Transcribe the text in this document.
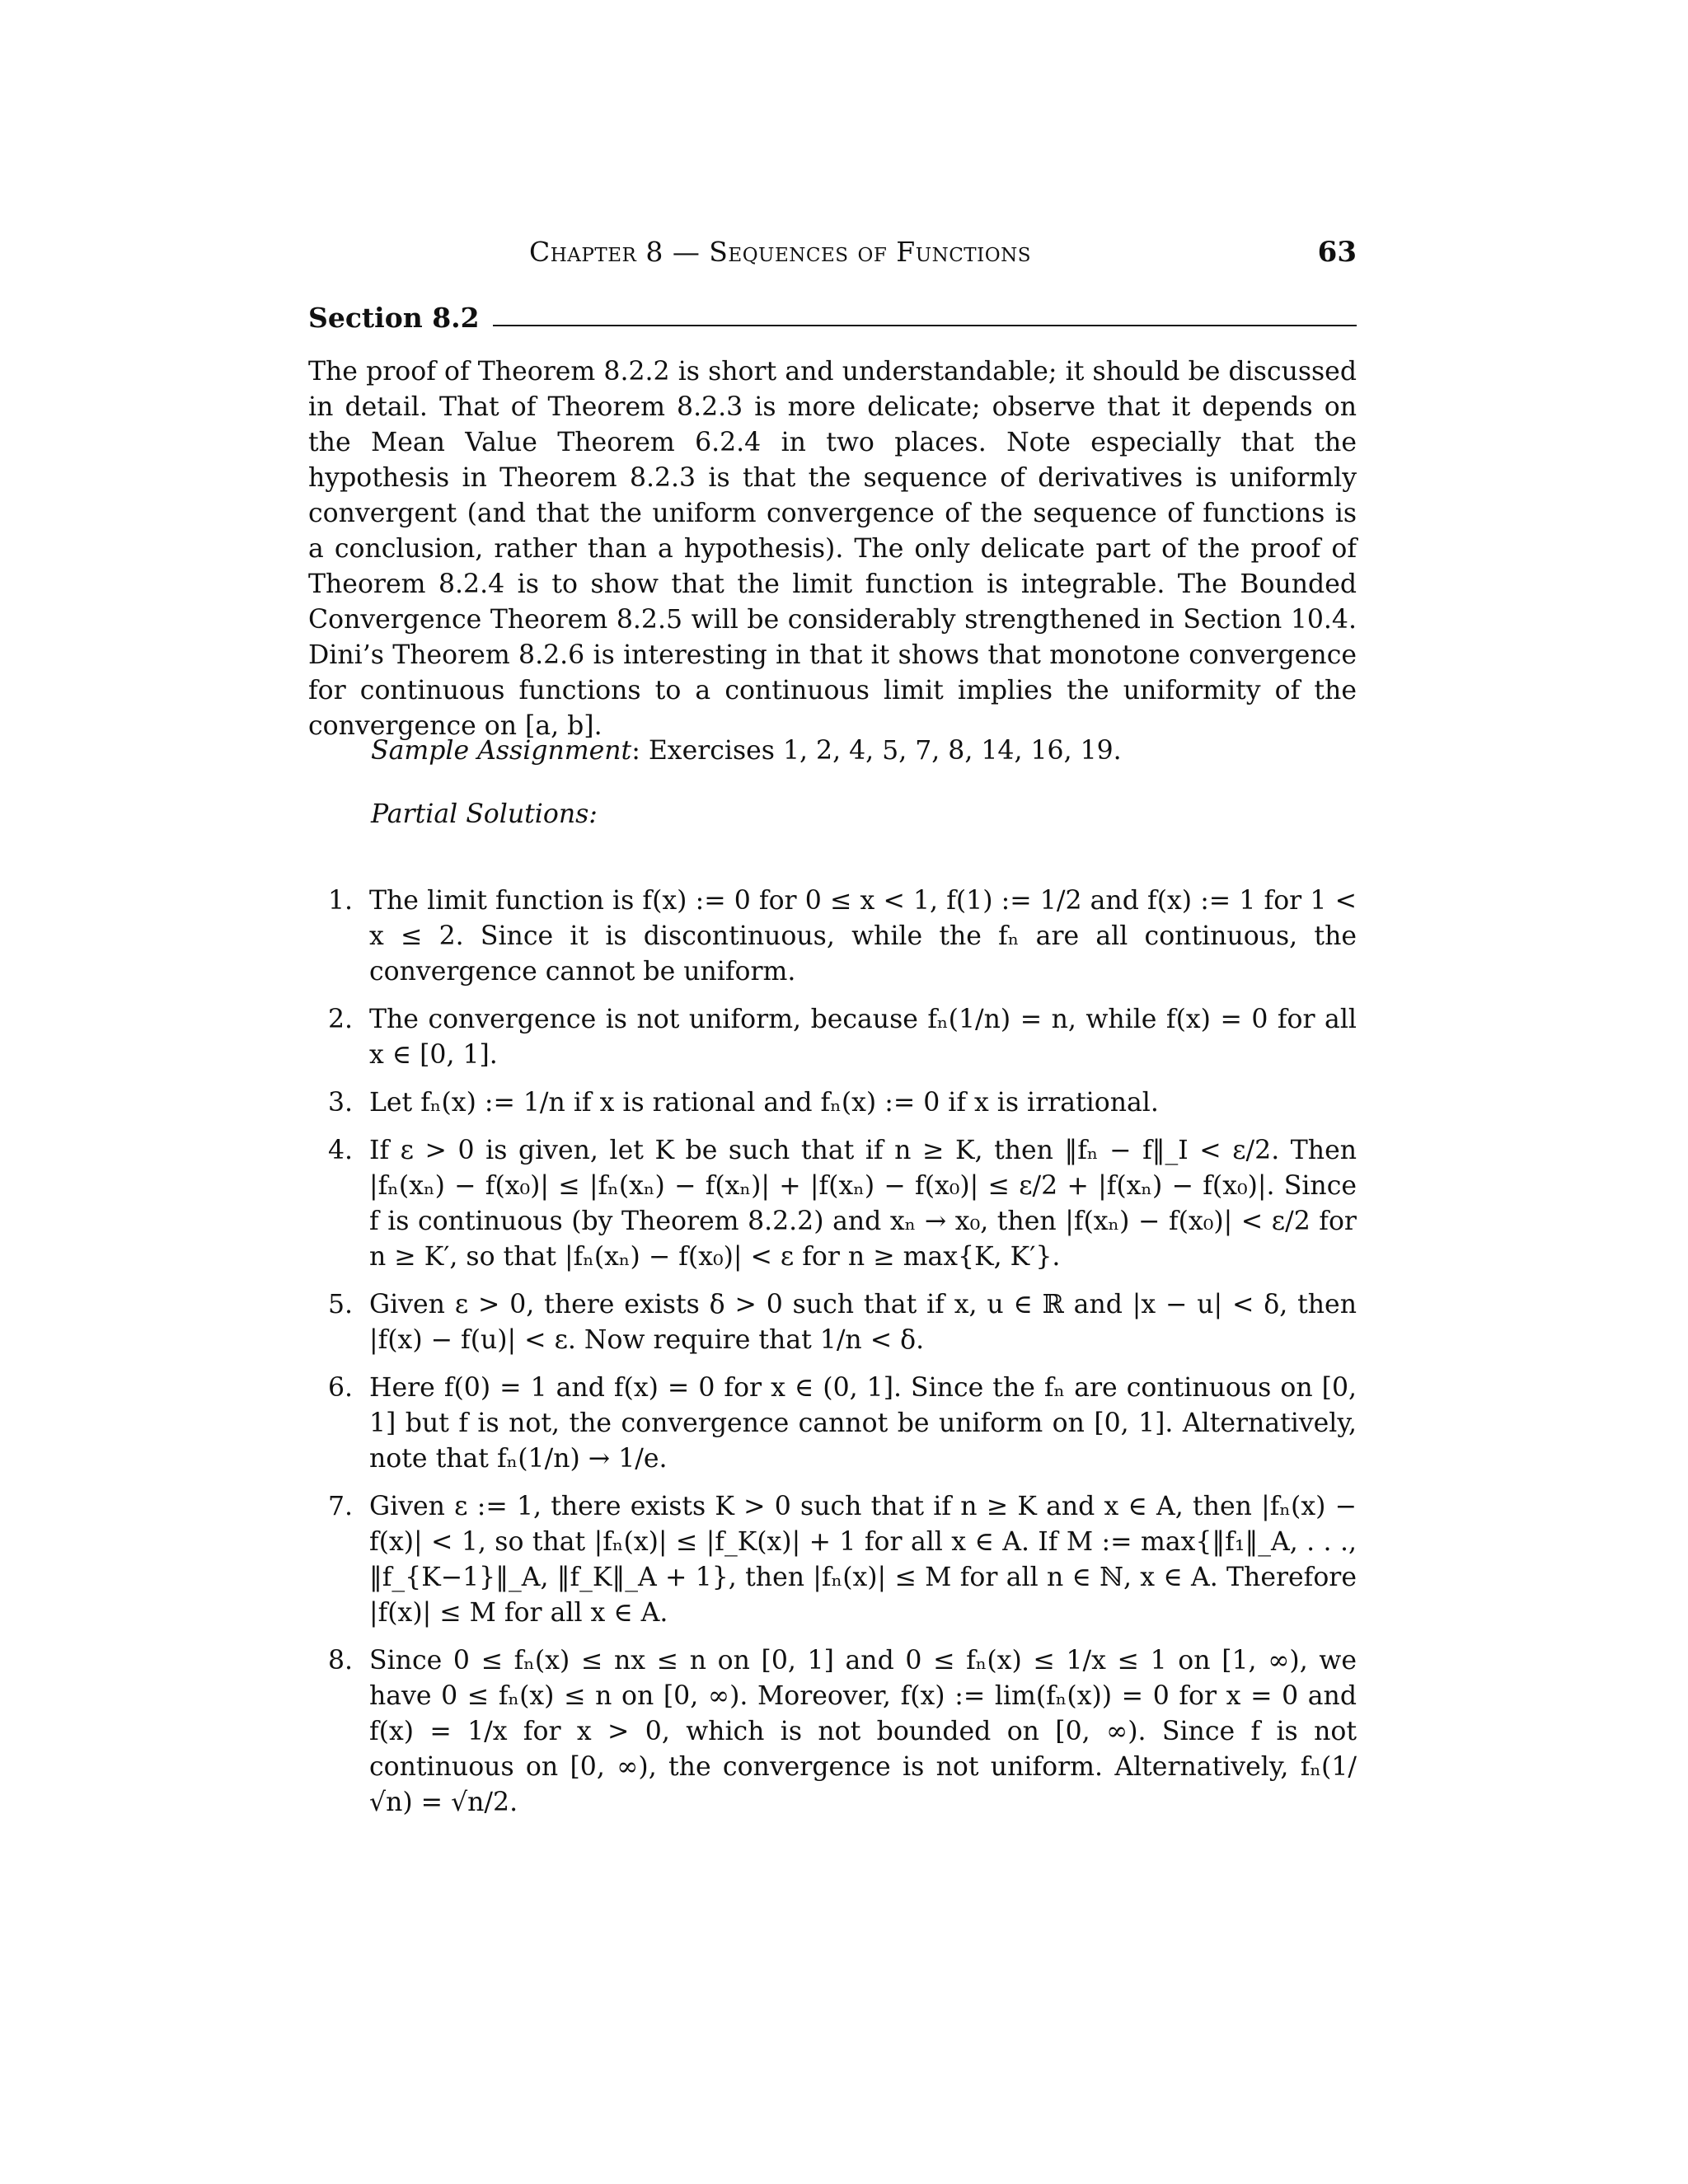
Chapter 8 — Sequences of Functions	63
Section 8.2

The proof of Theorem 8.2.2 is short and understandable; it should be discussed in detail. That of Theorem 8.2.3 is more delicate; observe that it depends on the Mean Value Theorem 6.2.4 in two places. Note especially that the hypothesis in Theorem 8.2.3 is that the sequence of derivatives is uniformly convergent (and that the uniform convergence of the sequence of functions is a conclusion, rather than a hypothesis). The only delicate part of the proof of Theorem 8.2.4 is to show that the limit function is integrable. The Bounded Convergence Theorem 8.2.5 will be considerably strengthened in Section 10.4. Dini’s Theorem 8.2.6 is interesting in that it shows that monotone convergence for continuous functions to a continuous limit implies the uniformity of the convergence on [a, b].

Sample Assignment: Exercises 1, 2, 4, 5, 7, 8, 14, 16, 19.
Partial Solutions:
1. The limit function is f(x) := 0 for 0 ≤ x < 1, f(1) := 1/2 and f(x) := 1 for 1 < x ≤ 2. Since it is discontinuous, while the fₙ are all continuous, the convergence cannot be uniform.
2. The convergence is not uniform, because fₙ(1/n) = n, while f(x) = 0 for all x ∈ [0, 1].
3. Let fₙ(x) := 1/n if x is rational and fₙ(x) := 0 if x is irrational.
4. If ε > 0 is given, let K be such that if n ≥ K, then ‖fₙ − f‖_I < ε/2. Then |fₙ(xₙ) − f(x₀)| ≤ |fₙ(xₙ) − f(xₙ)| + |f(xₙ) − f(x₀)| ≤ ε/2 + |f(xₙ) − f(x₀)|. Since f is continuous (by Theorem 8.2.2) and xₙ → x₀, then |f(xₙ) − f(x₀)| < ε/2 for n ≥ K′, so that |fₙ(xₙ) − f(x₀)| < ε for n ≥ max{K, K′}.
5. Given ε > 0, there exists δ > 0 such that if x, u ∈ ℝ and |x − u| < δ, then |f(x) − f(u)| < ε. Now require that 1/n < δ.
6. Here f(0) = 1 and f(x) = 0 for x ∈ (0, 1]. Since the fₙ are continuous on [0, 1] but f is not, the convergence cannot be uniform on [0, 1]. Alternatively, note that fₙ(1/n) → 1/e.
7. Given ε := 1, there exists K > 0 such that if n ≥ K and x ∈ A, then |fₙ(x) − f(x)| < 1, so that |fₙ(x)| ≤ |f_K(x)| + 1 for all x ∈ A. If M := max{‖f₁‖_A, . . ., ‖f_{K−1}‖_A, ‖f_K‖_A + 1}, then |fₙ(x)| ≤ M for all n ∈ ℕ, x ∈ A. Therefore |f(x)| ≤ M for all x ∈ A.
8. Since 0 ≤ fₙ(x) ≤ nx ≤ n on [0, 1] and 0 ≤ fₙ(x) ≤ 1/x ≤ 1 on [1, ∞), we have 0 ≤ fₙ(x) ≤ n on [0, ∞). Moreover, f(x) := lim(fₙ(x)) = 0 for x = 0 and f(x) = 1/x for x > 0, which is not bounded on [0, ∞). Since f is not continuous on [0, ∞), the convergence is not uniform. Alternatively, fₙ(1/√n) = √n/2.
